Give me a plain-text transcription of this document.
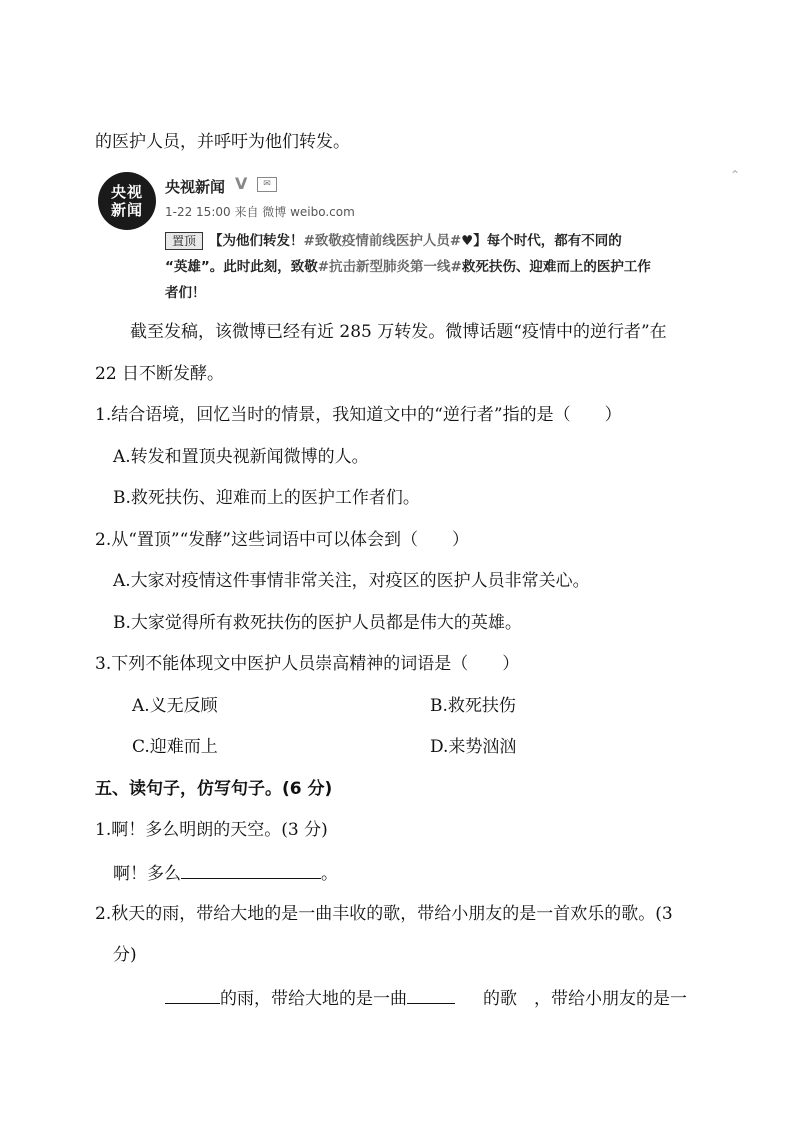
的医护人员，并呼吁为他们转发。
央视
新闻
央视新闻 V	✉
1-22 15:00 来自 微博 weibo.com
⌃
置顶 【为他们转发！#致敬疫情前线医护人员#♥】每个时代，都有不同的
“英雄”。此时此刻，致敬#抗击新型肺炎第一线#救死扶伤、迎难而上的医护工作
者们！
截至发稿，该微博已经有近 285 万转发。微博话题“疫情中的逆行者”在
22 日不断发酵。
1.结合语境，回忆当时的情景，我知道文中的“逆行者”指的是（　　）
A.转发和置顶央视新闻微博的人。
B.救死扶伤、迎难而上的医护工作者们。
2.从“置顶”“发酵”这些词语中可以体会到（　　）
A.大家对疫情这件事情非常关注，对疫区的医护人员非常关心。
B.大家觉得所有救死扶伤的医护人员都是伟大的英雄。
3.下列不能体现文中医护人员崇高精神的词语是（　　）
A.义无反顾	B.救死扶伤
C.迎难而上	D.来势汹汹
五、读句子，仿写句子。(6 分)
1.啊！多么明朗的天空。(3 分)
啊！多么	。
2.秋天的雨，带给大地的是一曲丰收的歌，带给小朋友的是一首欢乐的歌。(3
分)
的雨，带给大地的是一曲	的歌　，带给小朋友的是一
